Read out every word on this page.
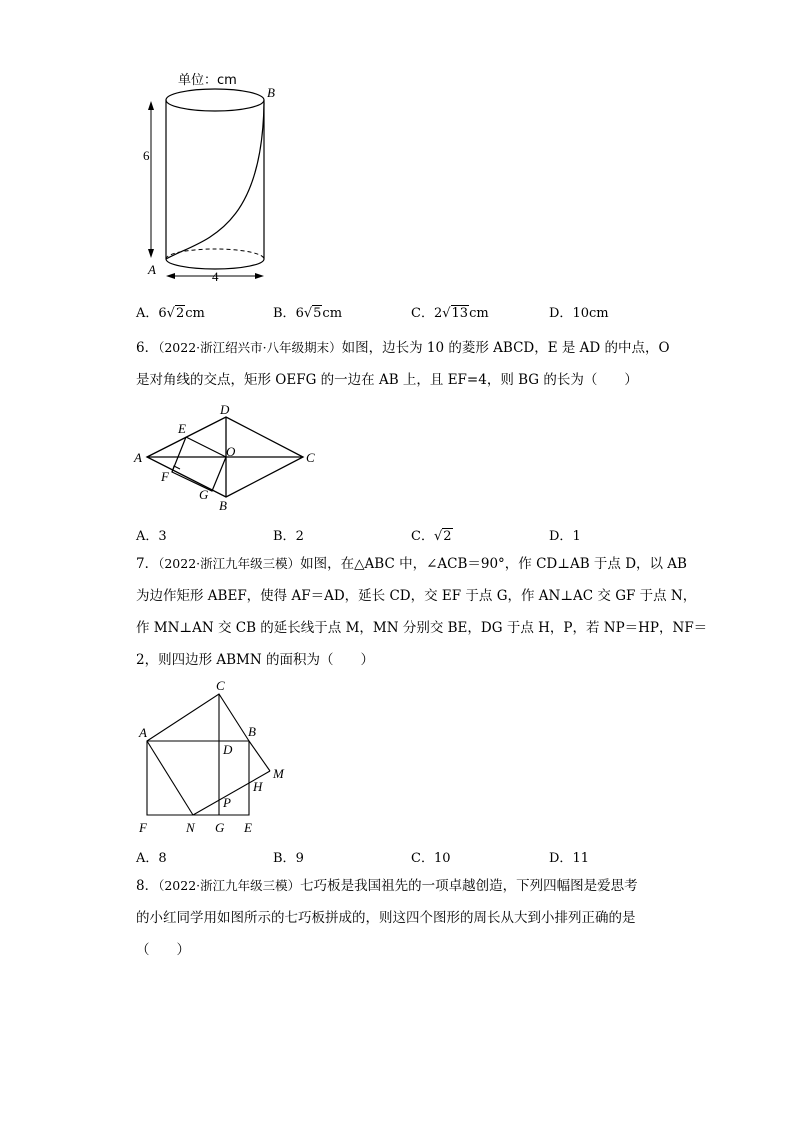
单位：cm
6
4
B
A
A．6√2cm	B．6√5cm	C．2√13cm	D．10cm

6．（2022·浙江绍兴市·八年级期末）如图，边长为 10 的菱形 ABCD，E 是 AD 的中点，O

是对角线的交点，矩形 OEFG 的一边在 AB 上，且 EF=4，则 BG 的长为（　　）

A
D
C
B
E
F
G
O
A．3	B．2	C．√2	D．1

7．（2022·浙江九年级三模）如图，在△ABC 中，∠ACB＝90°，作 CD⊥AB 于点 D，以 AB

为边作矩形 ABEF，使得 AF＝AD，延长 CD，交 EF 于点 G，作 AN⊥AC 交 GF 于点 N，

作 MN⊥AN 交 CB 的延长线于点 M，MN 分别交 BE，DG 于点 H，P，若 NP＝HP，NF＝

2，则四边形 ABMN 的面积为（　　）

A
C
B
D
M
H
P
F	N G E
A．8	B．9	C．10	D．11

8．（2022·浙江九年级三模）七巧板是我国祖先的一项卓越创造，下列四幅图是爱思考

的小红同学用如图所示的七巧板拼成的，则这四个图形的周长从大到小排列正确的是

（　　）
